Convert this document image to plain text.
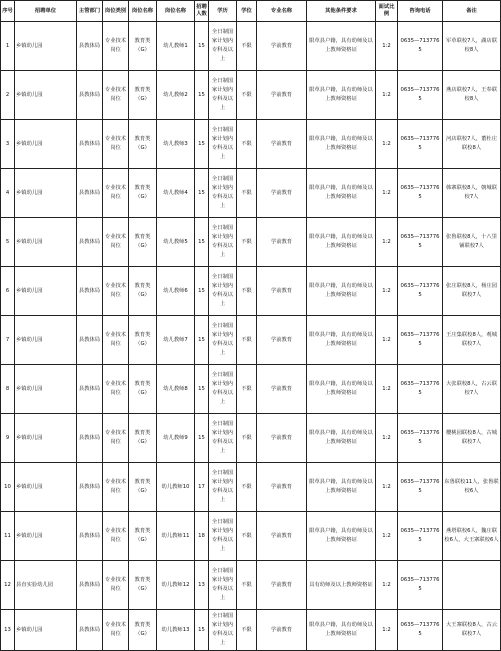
序号	招聘单位	主管部门	岗位类别	岗位名称	岗位名称	招聘人数	学历	学位	专业名称	其他条件要求	面试比例	咨询电话	备注
1	乡镇幼儿园	县教体局	专业技术岗位	教育类（G）	幼儿教师1	15	全日制国家计划内专科及以上	不限	学前教育	限草县户籍，具有幼师及以上教师资格证	1:2	0635—7137765	军草联校7人，湖店联校8人
2	乡镇幼儿园	县教体局	专业技术岗位	教育类（G）	幼儿教师2	15	全日制国家计划内专科及以上	不限	学前教育	限草县户籍，具有幼师及以上教师资格证	1:2	0635—7137765	燕店联校7人，王奉联校8人
3	乡镇幼儿园	县教体局	专业技术岗位	教育类（G）	幼儿教师3	15	全日制国家计划内专科及以上	不限	学前教育	限草县户籍，具有幼师及以上教师资格证	1:2	0635—7137765	河店联校7人，董杜庄联校8人
4	乡镇幼儿园	县教体局	专业技术岗位	教育类（G）	幼儿教师4	15	全日制国家计划内专科及以上	不限	学前教育	限草县户籍，具有幼师及以上教师资格证	1:2	0635—7137765	韩寨联校8人，朝城联校7人
5	乡镇幼儿园	县教体局	专业技术岗位	教育类（G）	幼儿教师5	15	全日制国家计划内专科及以上	不限	学前教育	限草县户籍，具有幼师及以上教师资格证	1:2	0635—7137765	张鲁联校8人，十八里铺联校7人
6	乡镇幼儿园	县教体局	专业技术岗位	教育类（G）	幼儿教师6	15	全日制国家计划内专科及以上	不限	学前教育	限草县户籍，具有幼师及以上教师资格证	1:2	0635—7137765	张庄联校8人，杨庄园联校7人
7	乡镇幼儿园	县教体局	专业技术岗位	教育类（G）	幼儿教师7	15	全日制国家计划内专科及以上	不限	学前教育	限草县户籍，具有幼师及以上教师资格证	1:2	0635—7137765	王庄集联校8人，观城联校7人
8	乡镇幼儿园	县教体局	专业技术岗位	教育类（G）	幼儿教师8	15	全日制国家计划内专科及以上	不限	学前教育	限草县户籍，具有幼师及以上教师资格证	1:2	0635—7137765	大张联校8人，古云联校7人
9	乡镇幼儿园	县教体局	专业技术岗位	教育类（G）	幼儿教师9	15	全日制国家计划内专科及以上	不限	学前教育	限草县户籍，具有幼师及以上教师资格证	1:2	0635—7137765	樱桃园联校8人，古城联校7人
10	乡镇幼儿园	县教体局	专业技术岗位	教育类（G）	幼儿教师10	17	全日制国家计划内专科及以上	不限	学前教育	限草县户籍，具有幼师及以上教师资格证	1:2	0635—7137765	东鲁联校11人，张鲁联校6人
11	乡镇幼儿园	县教体局	专业技术岗位	教育类（G）	幼儿教师11	18	全日制国家计划内专科及以上	不限	学前教育	限草县户籍，具有幼师及以上教师资格证	1:2	0635—7137765	燕塔联校6人，魏庄联校6人，大王寨联校6人
12	县直实验幼儿园	县教体局	专业技术岗位	教育类（G）	幼儿教师12	13	全日制国家计划内专科及以上	不限	学前教育	具有幼师及以上教师资格证	1:2	0635—7137765	
13	乡镇幼儿园	县教体局	专业技术岗位	教育类（G）	幼儿教师13	15	全日制国家计划内专科及以上	不限	学前教育	限草县户籍，具有幼师及以上教师资格证	1:2	0635—7137765	大王寨联校8人，古云联校7人
